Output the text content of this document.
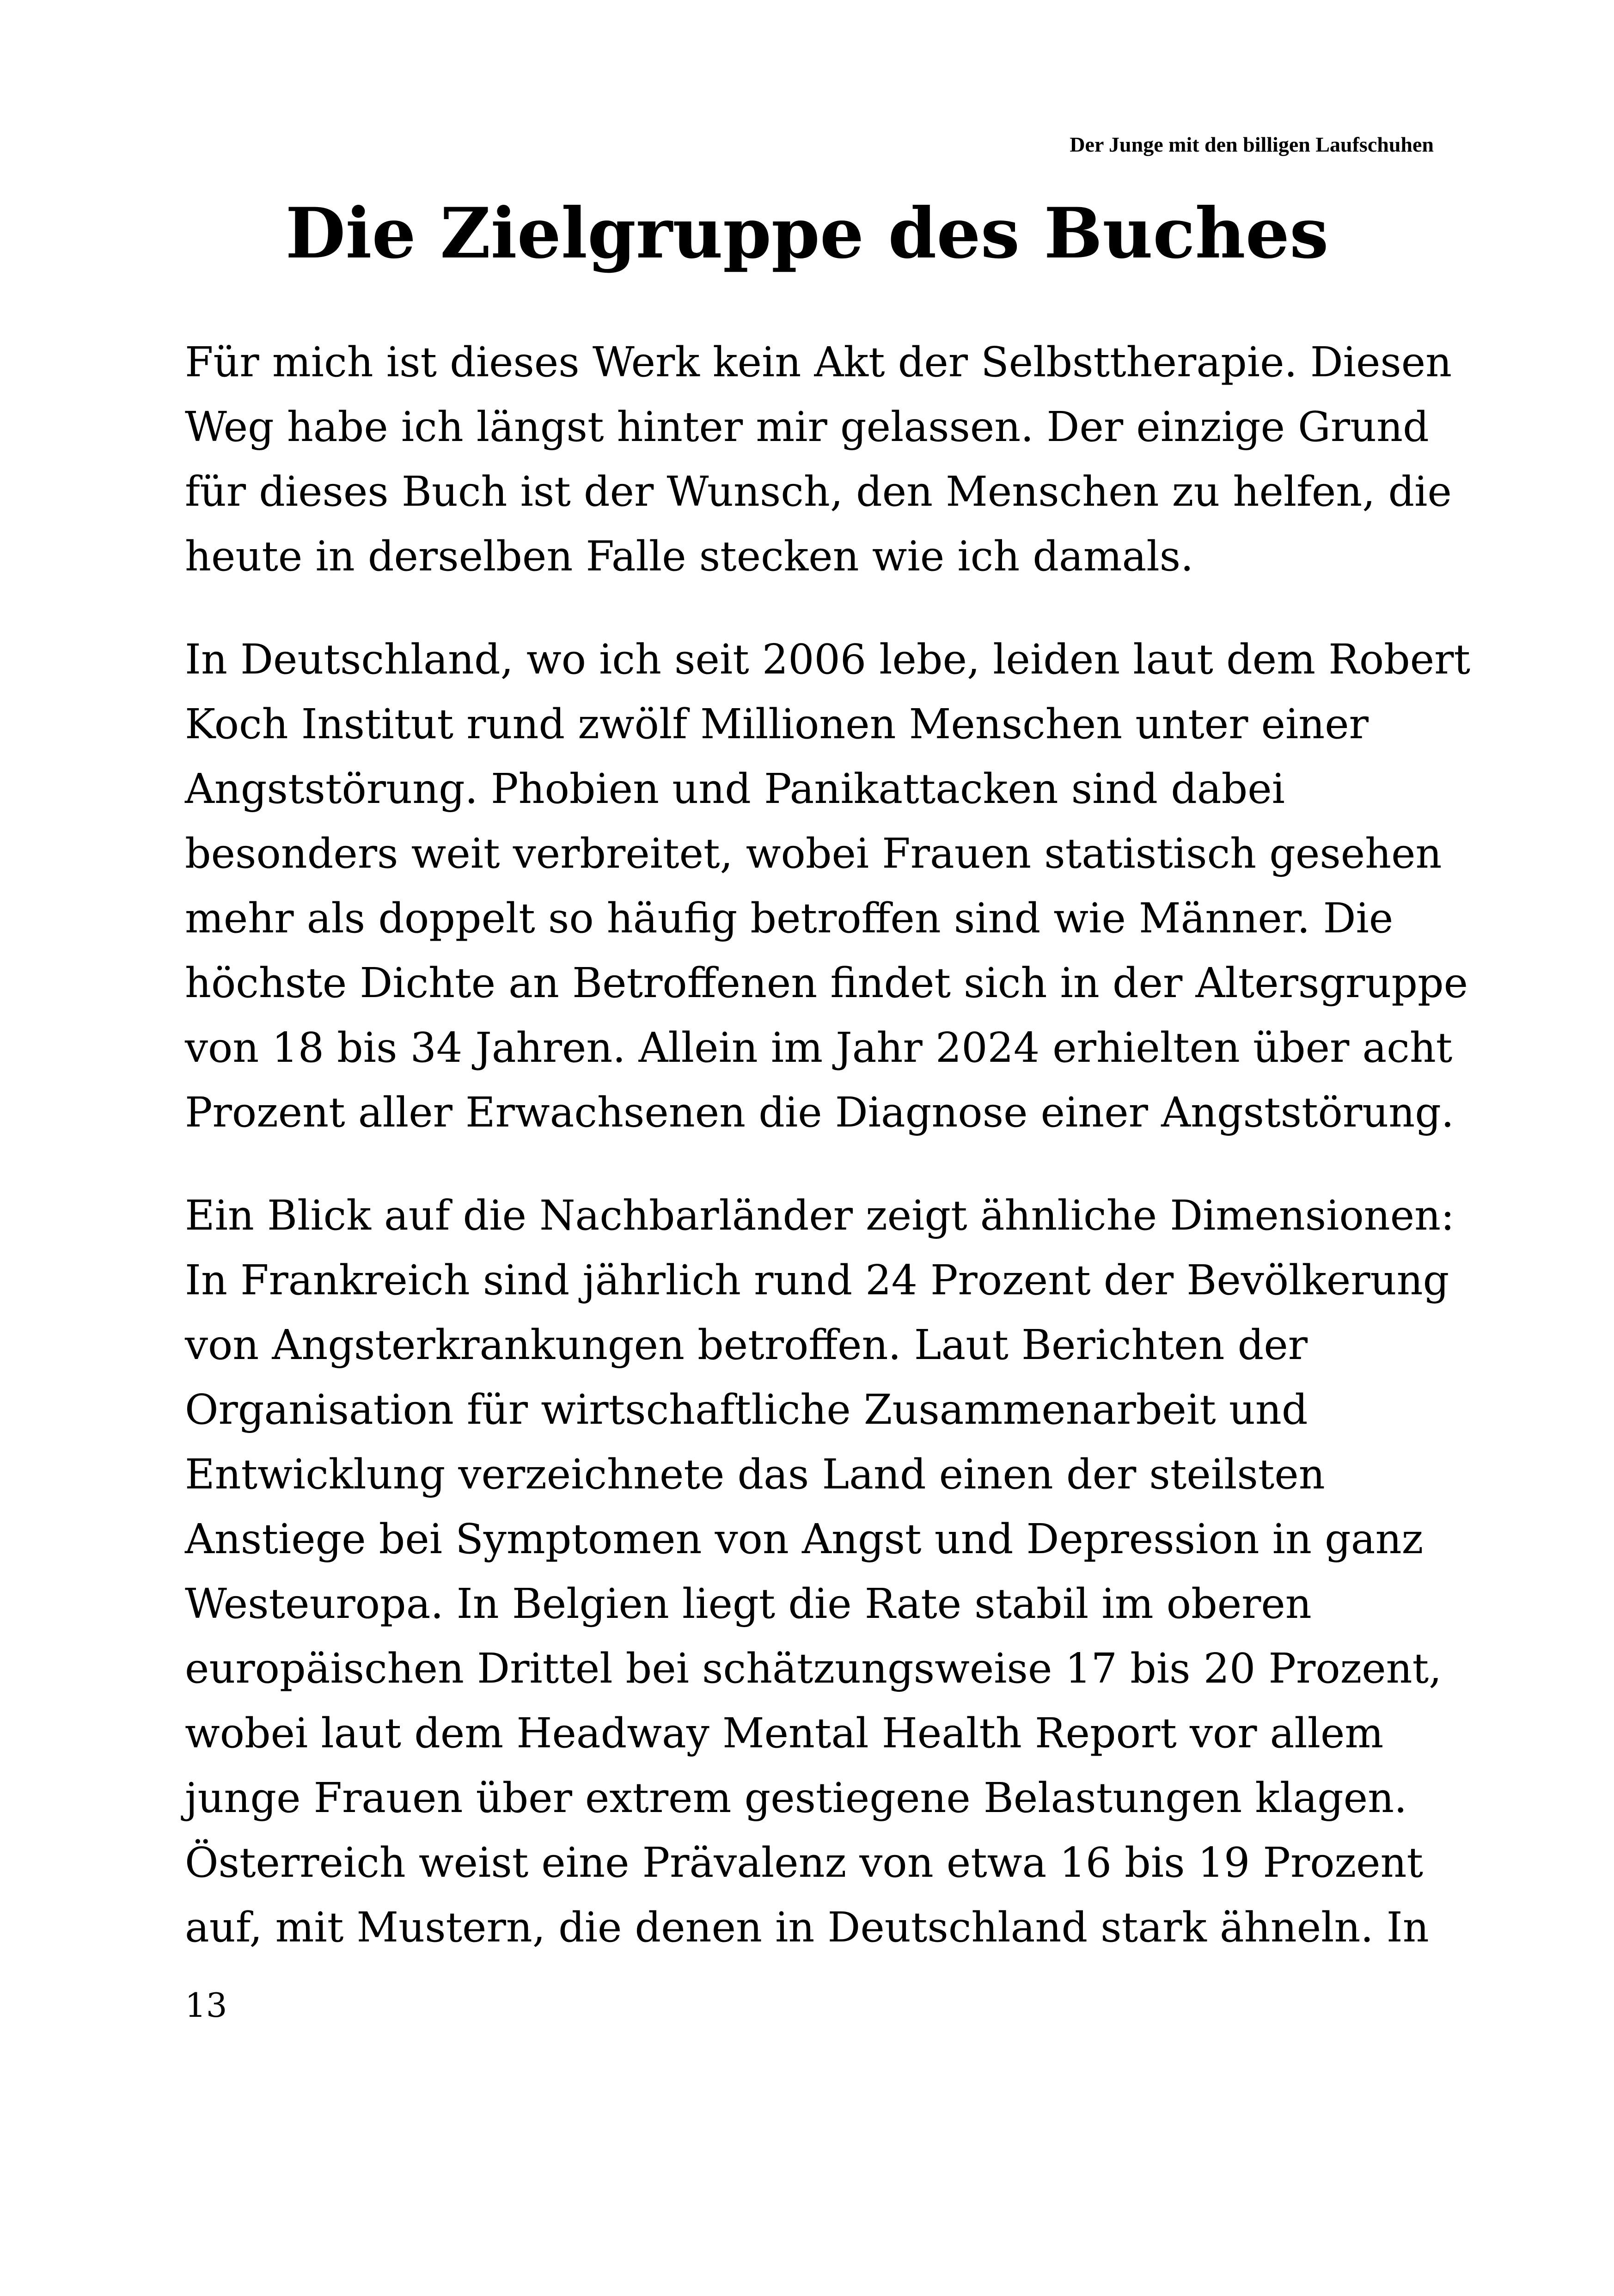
Der Junge mit den billigen Laufschuhen
Die Zielgruppe des Buches

Für mich ist dieses Werk kein Akt der Selbsttherapie. Diesen
Weg habe ich längst hinter mir gelassen. Der einzige Grund
für dieses Buch ist der Wunsch, den Menschen zu helfen, die
heute in derselben Falle stecken wie ich damals.

In Deutschland, wo ich seit 2006 lebe, leiden laut dem Robert
Koch Institut rund zwölf Millionen Menschen unter einer
Angststörung. Phobien und Panikattacken sind dabei
besonders weit verbreitet, wobei Frauen statistisch gesehen
mehr als doppelt so häufig betroffen sind wie Männer. Die
höchste Dichte an Betroffenen findet sich in der Altersgruppe
von 18 bis 34 Jahren. Allein im Jahr 2024 erhielten über acht
Prozent aller Erwachsenen die Diagnose einer Angststörung.

Ein Blick auf die Nachbarländer zeigt ähnliche Dimensionen:
In Frankreich sind jährlich rund 24 Prozent der Bevölkerung
von Angsterkrankungen betroffen. Laut Berichten der
Organisation für wirtschaftliche Zusammenarbeit und
Entwicklung verzeichnete das Land einen der steilsten
Anstiege bei Symptomen von Angst und Depression in ganz
Westeuropa. In Belgien liegt die Rate stabil im oberen
europäischen Drittel bei schätzungsweise 17 bis 20 Prozent,
wobei laut dem Headway Mental Health Report vor allem
junge Frauen über extrem gestiegene Belastungen klagen.
Österreich weist eine Prävalenz von etwa 16 bis 19 Prozent
auf, mit Mustern, die denen in Deutschland stark ähneln. In

13
